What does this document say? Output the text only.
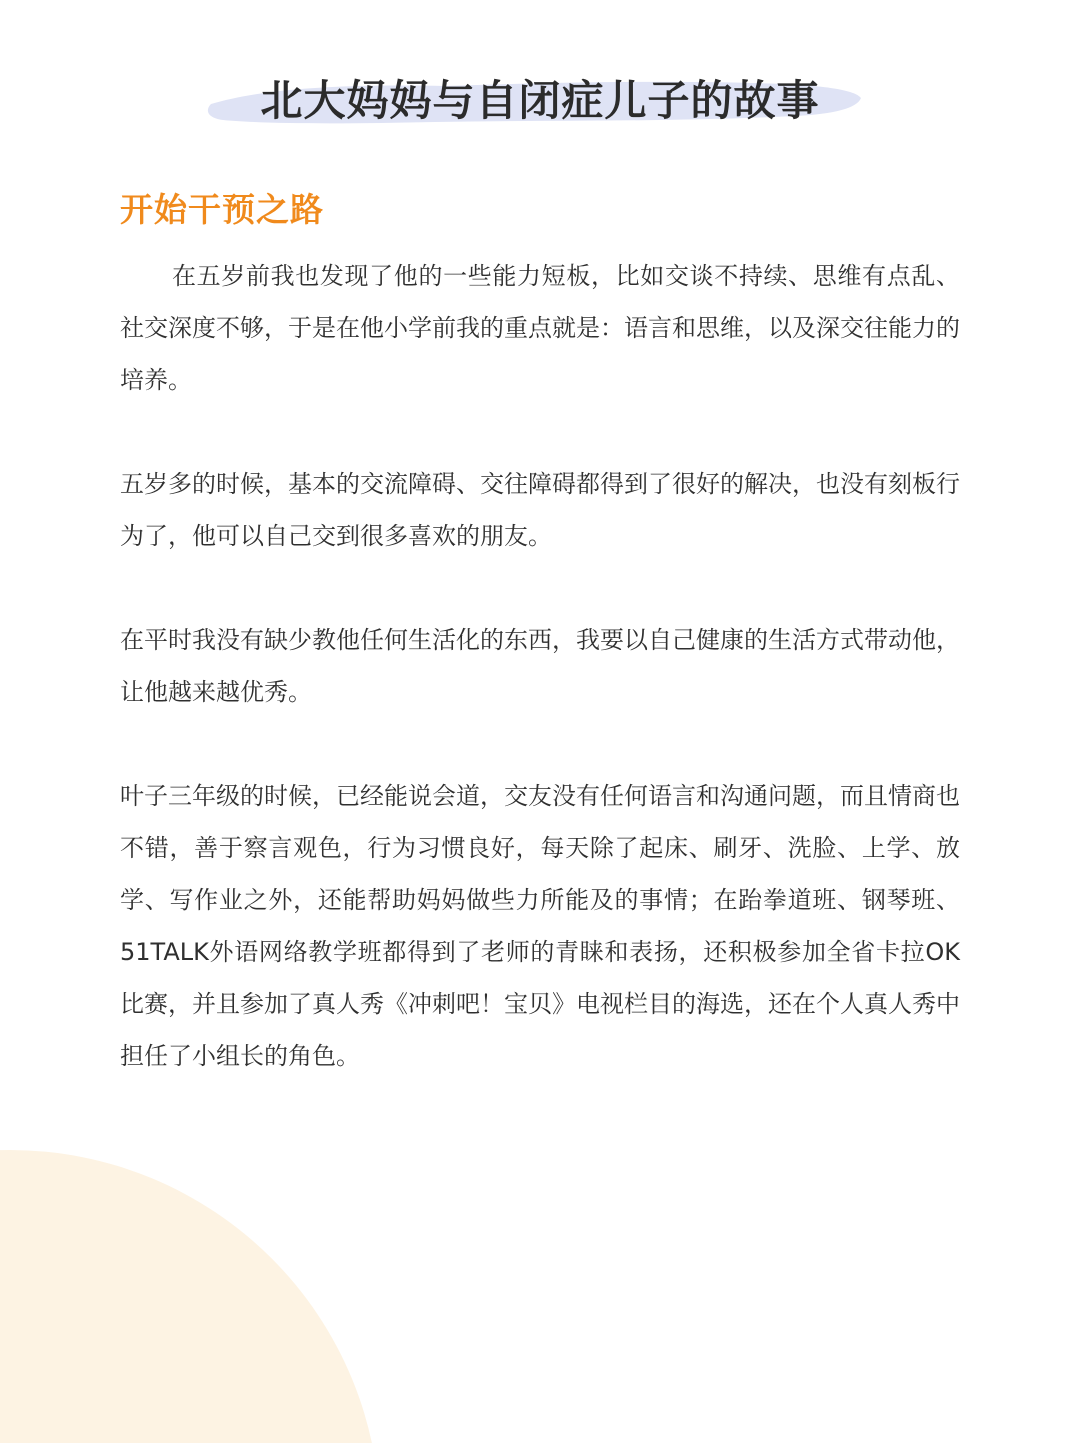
北大妈妈与自闭症儿子的故事
开始干预之路

在五岁前我也发现了他的一些能力短板，比如交谈不持续、思维有点乱、社交深度不够，于是在他小学前我的重点就是：语言和思维，以及深交往能力的培养。

五岁多的时候，基本的交流障碍、交往障碍都得到了很好的解决，也没有刻板行为了，他可以自己交到很多喜欢的朋友。

在平时我没有缺少教他任何生活化的东西，我要以自己健康的生活方式带动他，让他越来越优秀。

叶子三年级的时候，已经能说会道，交友没有任何语言和沟通问题，而且情商也不错，善于察言观色，行为习惯良好，每天除了起床、刷牙、洗脸、上学、放学、写作业之外，还能帮助妈妈做些力所能及的事情；在跆拳道班、钢琴班、51TALK外语网络教学班都得到了老师的青睐和表扬，还积极参加全省卡拉OK比赛，并且参加了真人秀《冲刺吧！宝贝》电视栏目的海选，还在个人真人秀中担任了小组长的角色。
